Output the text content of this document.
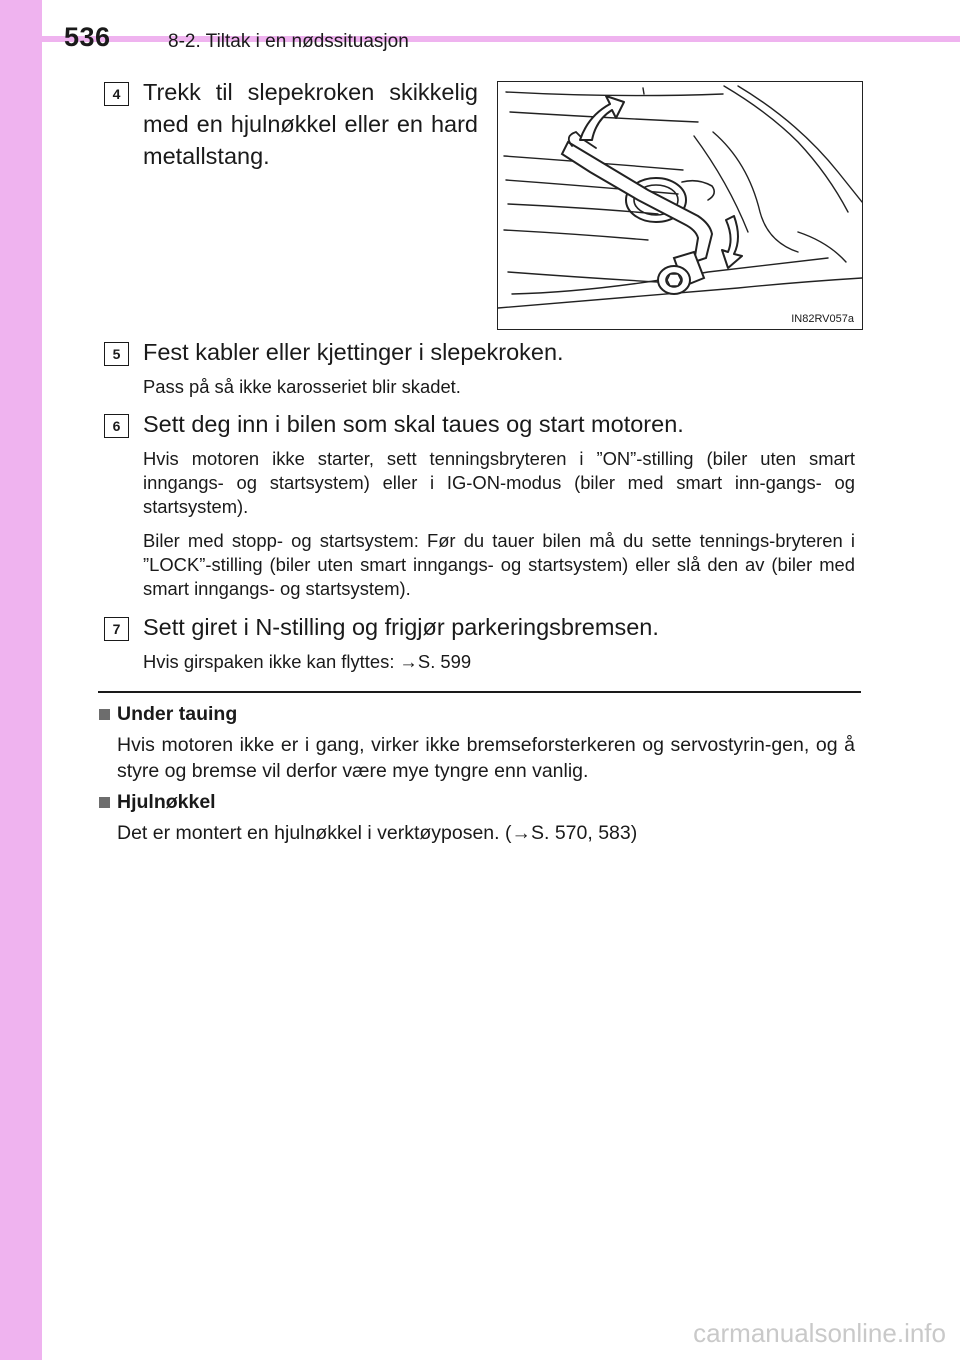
536	8-2. Tiltak i en nødssituasjon
4 Trekk til slepekroken skikkelig
med en hjulnøkkel eller en hard
metallstang.
IN82RV057a
5 Fest kabler eller kjettinger i slepekroken.
Pass på så ikke karosseriet blir skadet.
6 Sett deg inn i bilen som skal taues og start motoren.
Hvis motoren ikke starter, sett tenningsbryteren i ”ON”-stilling (biler uten smart inngangs- og startsystem) eller i IG-ON-modus (biler med smart inn-gangs- og startsystem).
Biler med stopp- og startsystem: Før du tauer bilen må du sette tennings-bryteren i ”LOCK”-stilling (biler uten smart inngangs- og startsystem) eller slå den av (biler med smart inngangs- og startsystem).
7 Sett giret i N-stilling og frigjør parkeringsbremsen.
Hvis girspaken ikke kan flyttes: →S. 599
Under tauing
Hvis motoren ikke er i gang, virker ikke bremseforsterkeren og servostyrin-gen, og å styre og bremse vil derfor være mye tyngre enn vanlig.
Hjulnøkkel
Det er montert en hjulnøkkel i verktøyposen. (→S. 570, 583)
carmanualsonline.info
